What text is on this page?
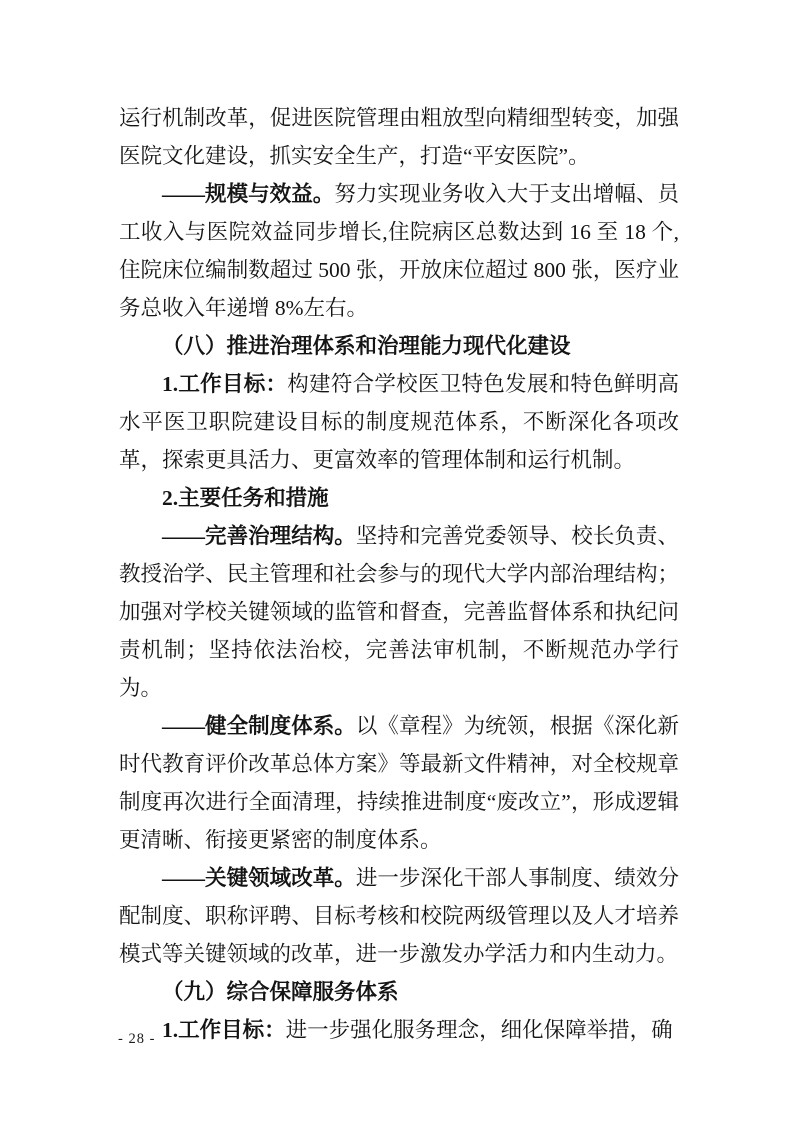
运行机制改革，促进医院管理由粗放型向精细型转变，加强医院文化建设，抓实安全生产，打造“平安医院”。

——规模与效益。努力实现业务收入大于支出增幅、员工收入与医院效益同步增长,住院病区总数达到 16 至 18 个,住院床位编制数超过 500 张，开放床位超过 800 张，医疗业务总收入年递增 8%左右。

（八）推进治理体系和治理能力现代化建设

1.工作目标：构建符合学校医卫特色发展和特色鲜明高水平医卫职院建设目标的制度规范体系，不断深化各项改革，探索更具活力、更富效率的管理体制和运行机制。

2.主要任务和措施

——完善治理结构。坚持和完善党委领导、校长负责、教授治学、民主管理和社会参与的现代大学内部治理结构；加强对学校关键领域的监管和督查，完善监督体系和执纪问责机制；坚持依法治校，完善法审机制，不断规范办学行为。

——健全制度体系。以《章程》为统领，根据《深化新时代教育评价改革总体方案》等最新文件精神，对全校规章制度再次进行全面清理，持续推进制度“废改立”，形成逻辑更清晰、衔接更紧密的制度体系。

——关键领域改革。进一步深化干部人事制度、绩效分配制度、职称评聘、目标考核和校院两级管理以及人才培养模式等关键领域的改革，进一步激发办学活力和内生动力。

（九）综合保障服务体系

1.工作目标：进一步强化服务理念，细化保障举措，确

- 28 -
